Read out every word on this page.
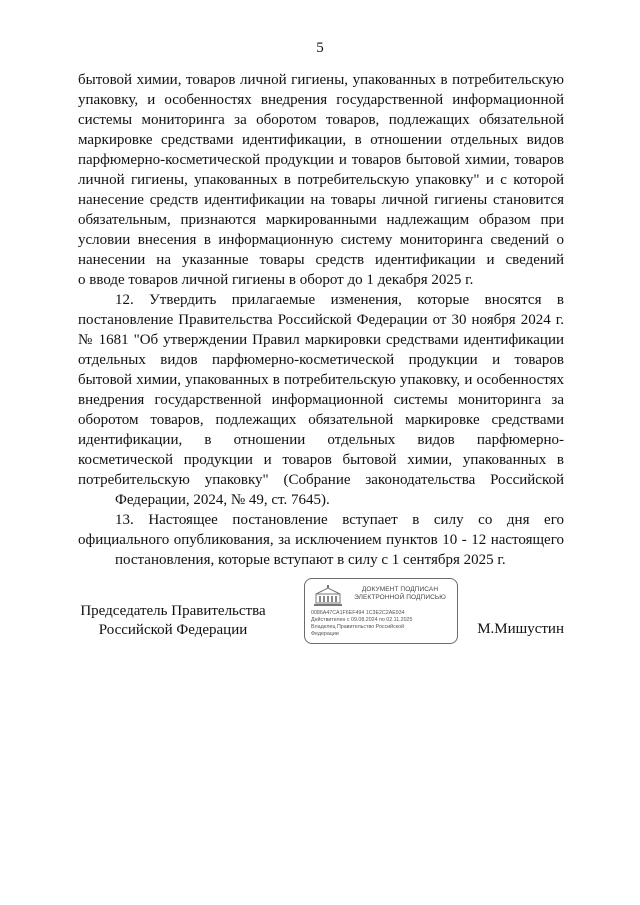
5

бытовой химии, товаров личной гигиены, упакованных в потребительскую упаковку, и особенностях внедрения государственной информационной системы мониторинга за оборотом товаров, подлежащих обязательной маркировке средствами идентификации, в отношении отдельных видов парфюмерно-косметической продукции и товаров бытовой химии, товаров личной гигиены, упакованных в потребительскую упаковку" и с которой нанесение средств идентификации на товары личной гигиены становится обязательным, признаются маркированными надлежащим образом при условии внесения в информационную систему мониторинга сведений о нанесении на указанные товары средств идентификации и сведений
о вводе товаров личной гигиены в оборот до 1 декабря 2025 г.

12. Утвердить прилагаемые изменения, которые вносятся в постановление Правительства Российской Федерации от 30 ноября 2024 г. № 1681 "Об утверждении Правил маркировки средствами идентификации отдельных видов парфюмерно-косметической продукции и товаров бытовой химии, упакованных в потребительскую упаковку, и особенностях внедрения государственной информационной системы мониторинга за оборотом товаров, подлежащих обязательной маркировке средствами идентификации, в отношении отдельных видов парфюмерно- косметической продукции и товаров бытовой химии, упакованных в потребительскую упаковку" (Собрание законодательства Российской
Федерации, 2024, № 49, ст. 7645).

13. Настоящее постановление вступает в силу со дня его официального опубликования, за исключением пунктов 10 - 12 настоящего
постановления, которые вступают в силу с 1 сентября 2025 г.

Председатель Правительства
Российской Федерации
ДОКУМЕНТ ПОДПИСАН
ЭЛЕКТРОННОЙ ПОДПИСЬЮ
0086A47CA1F6EF494 1C3E2C2AE934
Действителен с 09.08.2024 по 02.11.2025
Владелец Правительство Российской
Федерации	М.Мишустин
